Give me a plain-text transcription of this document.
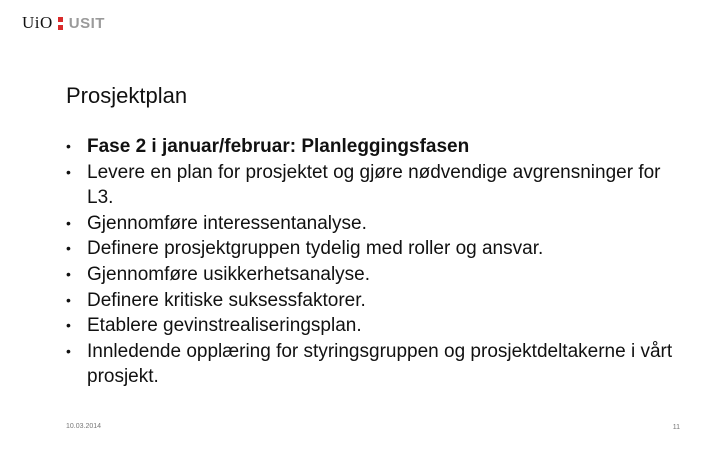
UiO USIT
Prosjektplan
• Fase 2 i januar/februar: Planleggingsfasen
• Levere en plan for prosjektet og gjøre nødvendige avgrensninger for L3.
• Gjennomføre interessentanalyse.
• Definere prosjektgruppen tydelig med roller og ansvar.
• Gjennomføre usikkerhetsanalyse.
• Definere kritiske suksessfaktorer.
• Etablere gevinstrealiseringsplan.
• Innledende opplæring for styringsgruppen og prosjektdeltakerne i vårt prosjekt.
10.03.2014	11
